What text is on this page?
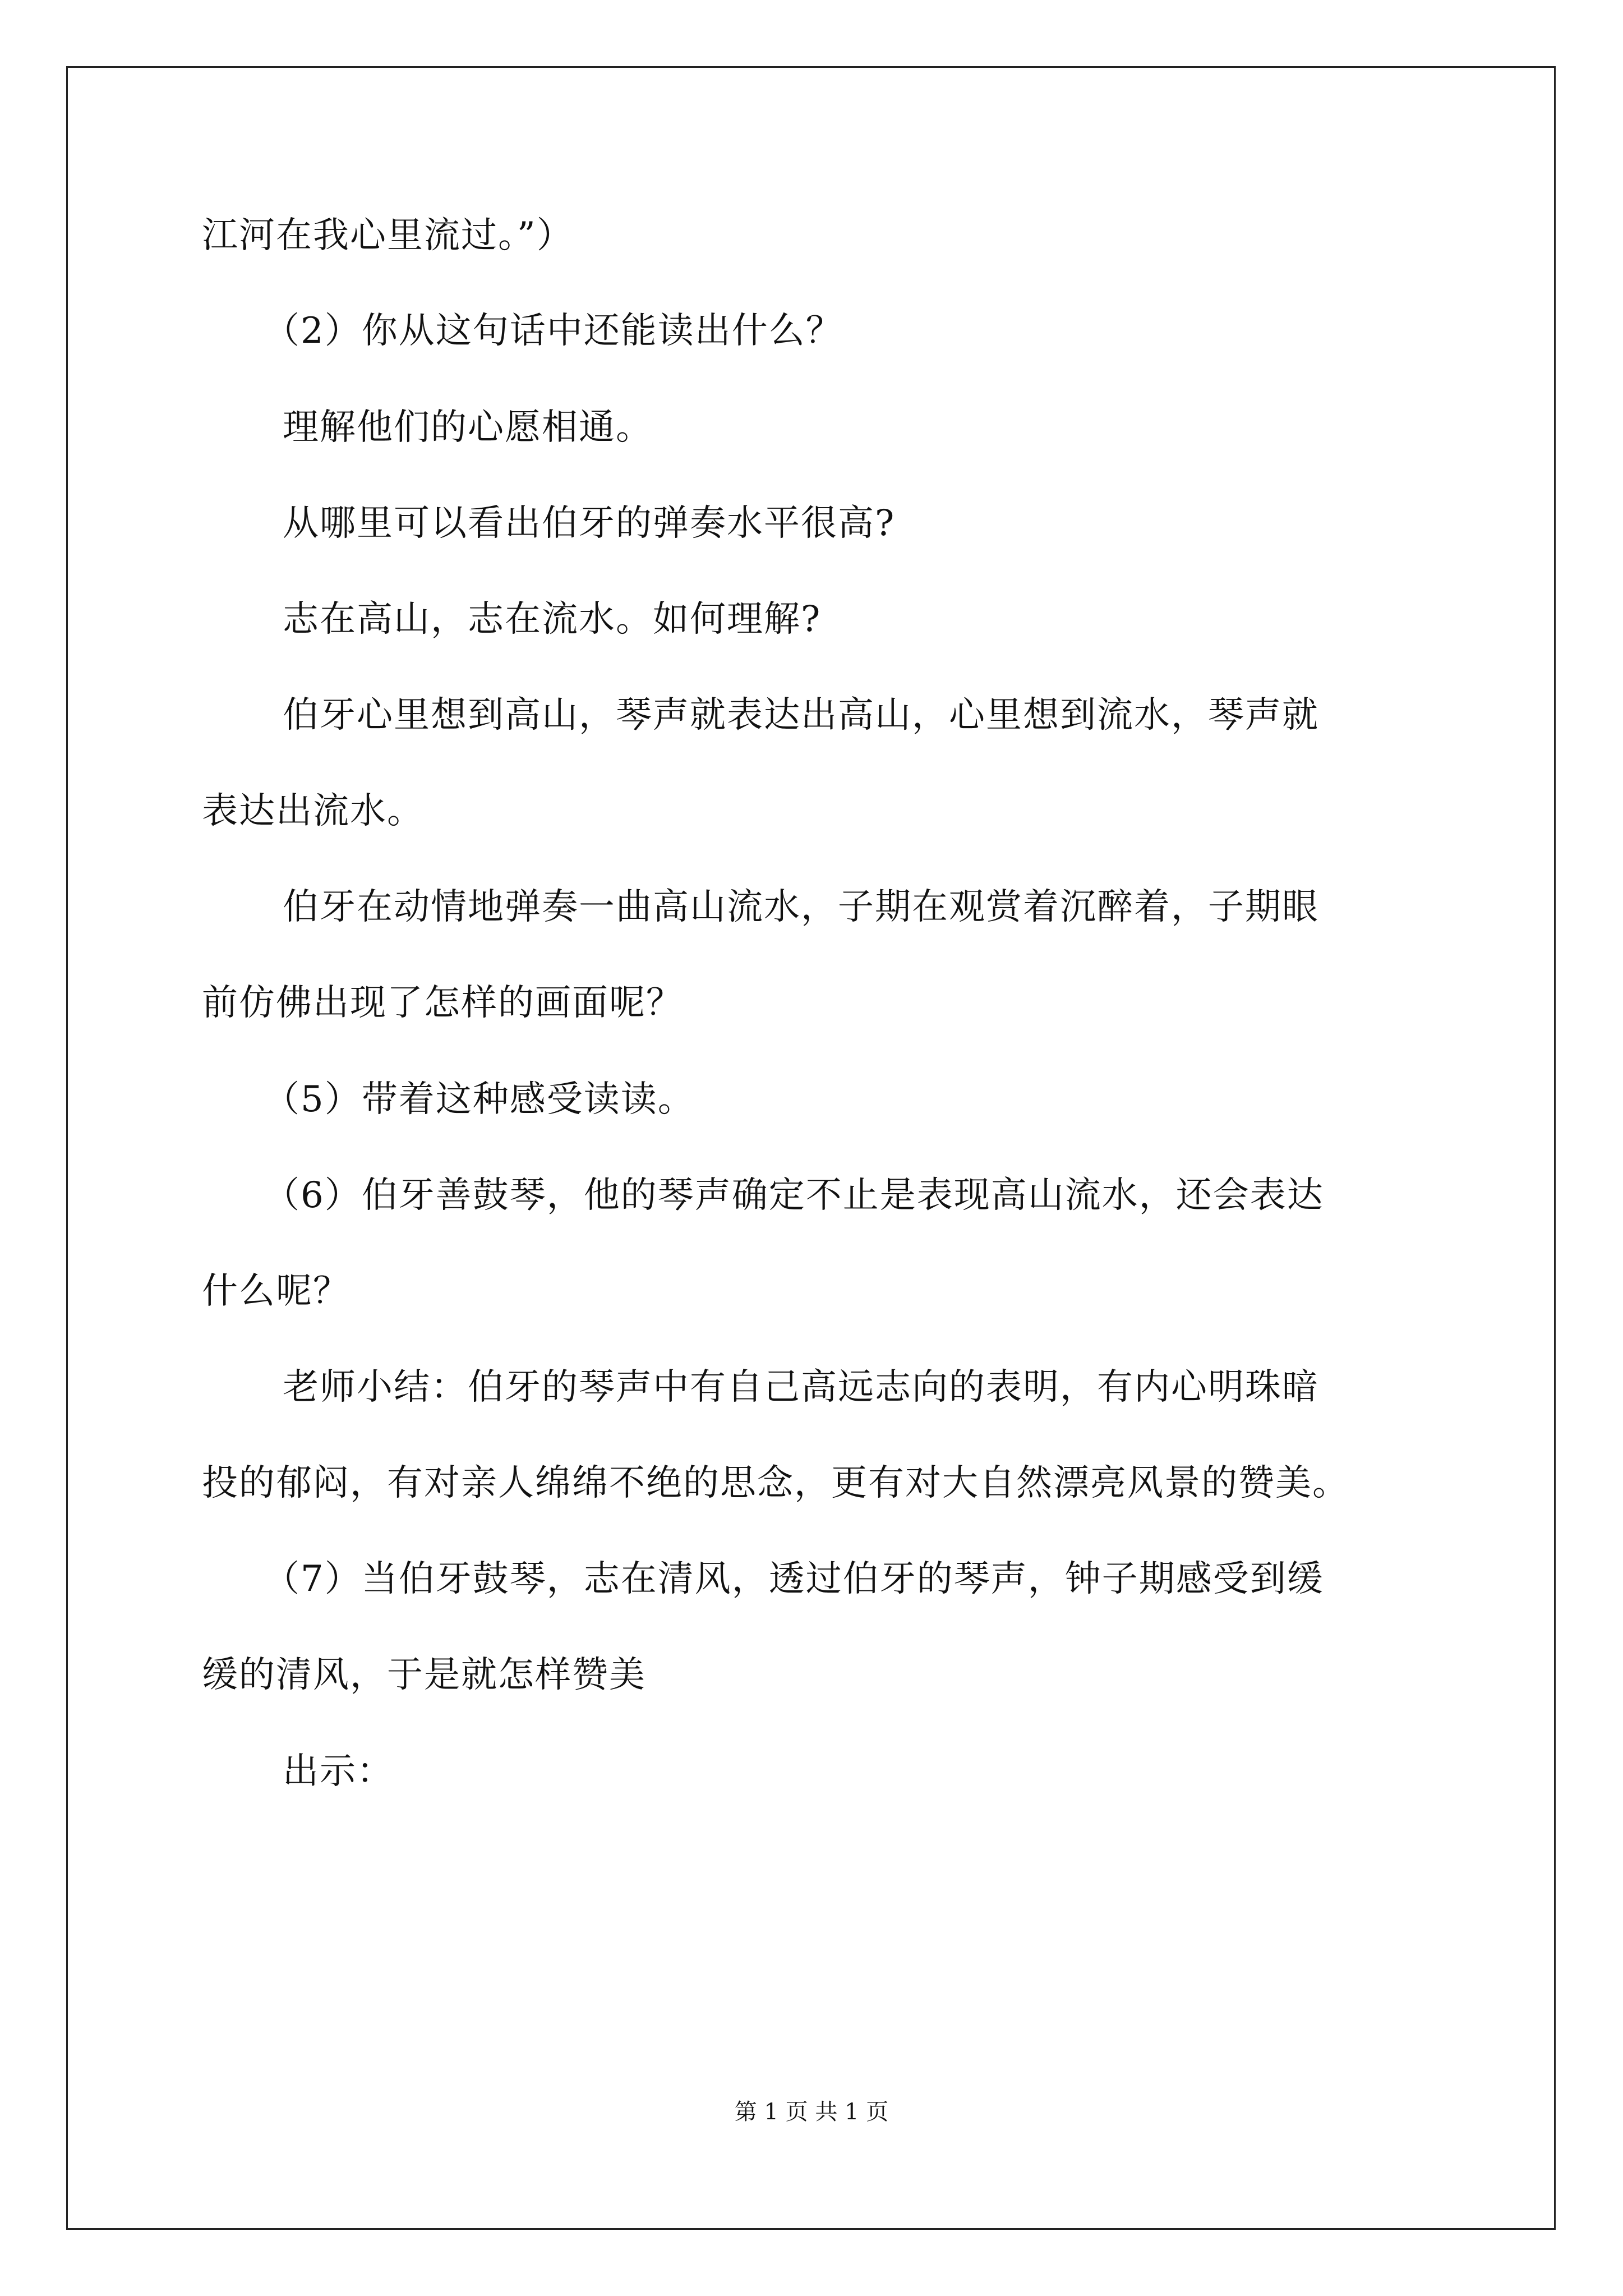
江河在我心里流过。”）
（2）你从这句话中还能读出什么？
理解他们的心愿相通。
从哪里可以看出伯牙的弹奏水平很高?
志在高山，志在流水。如何理解?
伯牙心里想到高山，琴声就表达出高山，心里想到流水，琴声就
表达出流水。
伯牙在动情地弹奏一曲高山流水，子期在观赏着沉醉着，子期眼
前仿佛出现了怎样的画面呢？
（5）带着这种感受读读。
（6）伯牙善鼓琴，他的琴声确定不止是表现高山流水，还会表达
什么呢？
老师小结：伯牙的琴声中有自己高远志向的表明，有内心明珠暗
投的郁闷，有对亲人绵绵不绝的思念，更有对大自然漂亮风景的赞美。
（7）当伯牙鼓琴，志在清风，透过伯牙的琴声，钟子期感受到缓
缓的清风，于是就怎样赞美
出示：
第 1 页 共 1 页
